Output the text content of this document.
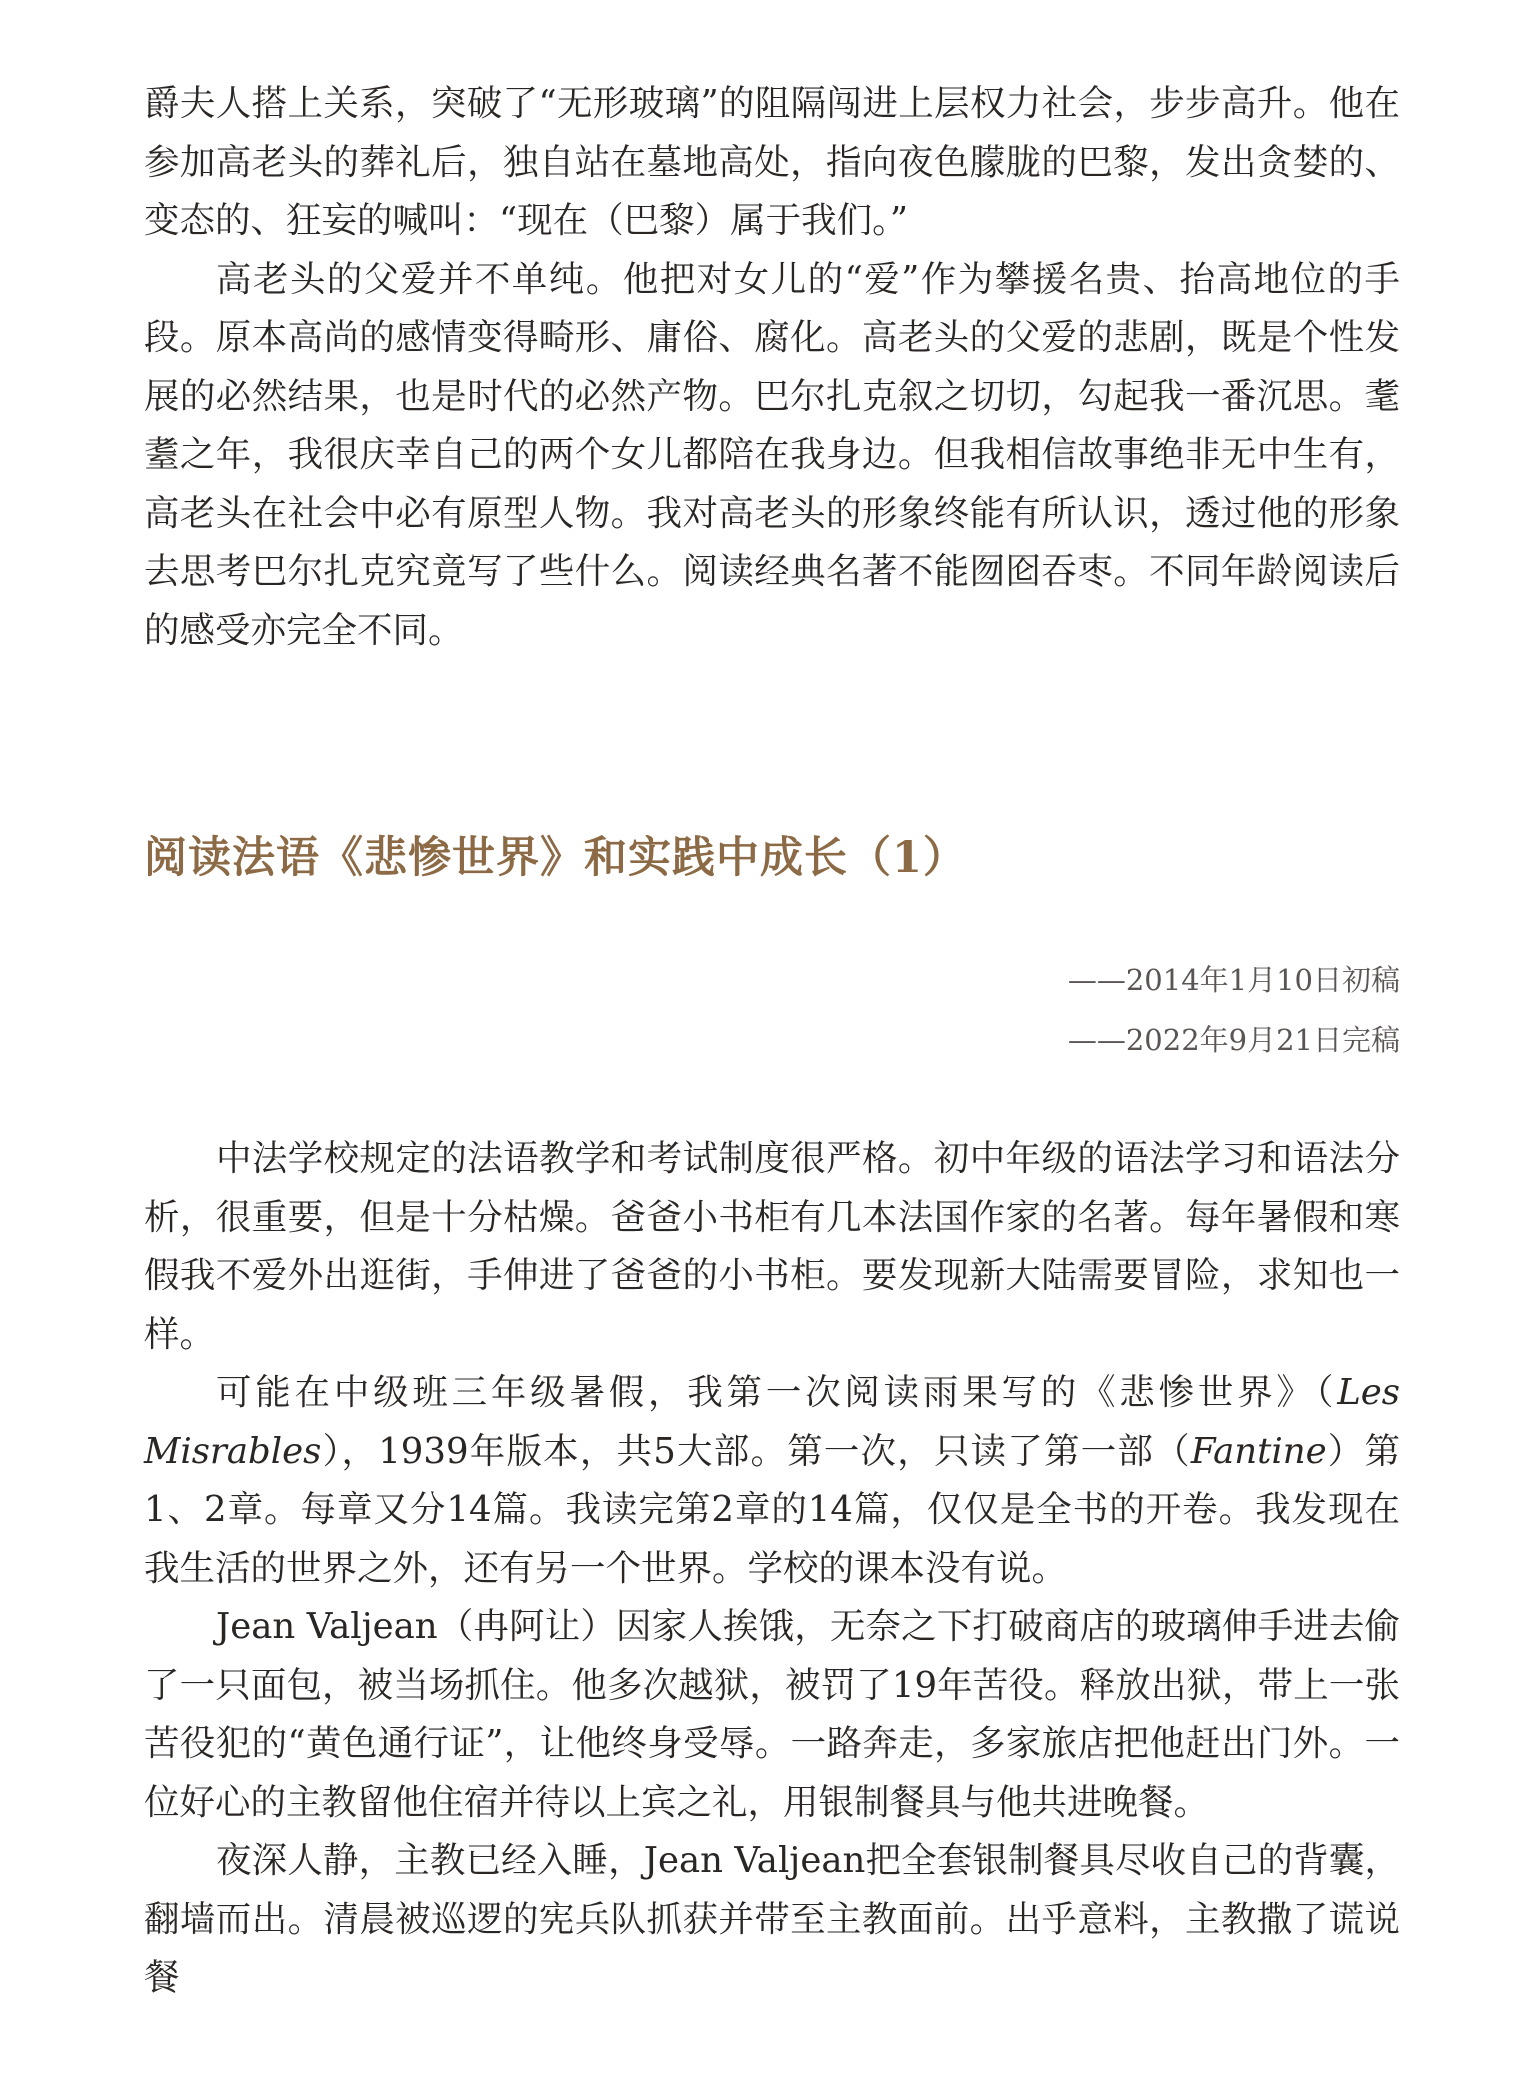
爵夫人搭上关系，突破了“无形玻璃”的阻隔闯进上层权力社会，步步高升。他在参加高老头的葬礼后，独自站在墓地高处，指向夜色朦胧的巴黎，发出贪婪的、变态的、狂妄的喊叫：“现在（巴黎）属于我们。”

高老头的父爱并不单纯。他把对女儿的“爱”作为攀援名贵、抬高地位的手段。原本高尚的感情变得畸形、庸俗、腐化。高老头的父爱的悲剧，既是个性发展的必然结果，也是时代的必然产物。巴尔扎克叙之切切，勾起我一番沉思。耄耋之年，我很庆幸自己的两个女儿都陪在我身边。但我相信故事绝非无中生有，高老头在社会中必有原型人物。我对高老头的形象终能有所认识，透过他的形象去思考巴尔扎克究竟写了些什么。阅读经典名著不能囫囵吞枣。不同年龄阅读后的感受亦完全不同。

阅读法语《悲惨世界》和实践中成长（1）
——2014年1月10日初稿
——2022年9月21日完稿

中法学校规定的法语教学和考试制度很严格。初中年级的语法学习和语法分析，很重要，但是十分枯燥。爸爸小书柜有几本法国作家的名著。每年暑假和寒假我不爱外出逛街，手伸进了爸爸的小书柜。要发现新大陆需要冒险，求知也一样。

可能在中级班三年级暑假，我第一次阅读雨果写的《悲惨世界》（Les Misrables），1939年版本，共5大部。第一次，只读了第一部（Fantine）第1、2章。每章又分14篇。我读完第2章的14篇，仅仅是全书的开卷。我发现在我生活的世界之外，还有另一个世界。学校的课本没有说。

Jean Valjean（冉阿让）因家人挨饿，无奈之下打破商店的玻璃伸手进去偷了一只面包，被当场抓住。他多次越狱，被罚了19年苦役。释放出狱，带上一张苦役犯的“黄色通行证”，让他终身受辱。一路奔走，多家旅店把他赶出门外。一位好心的主教留他住宿并待以上宾之礼，用银制餐具与他共进晚餐。

夜深人静，主教已经入睡，Jean Valjean把全套银制餐具尽收自己的背囊，翻墙而出。清晨被巡逻的宪兵队抓获并带至主教面前。出乎意料，主教撒了谎说餐
